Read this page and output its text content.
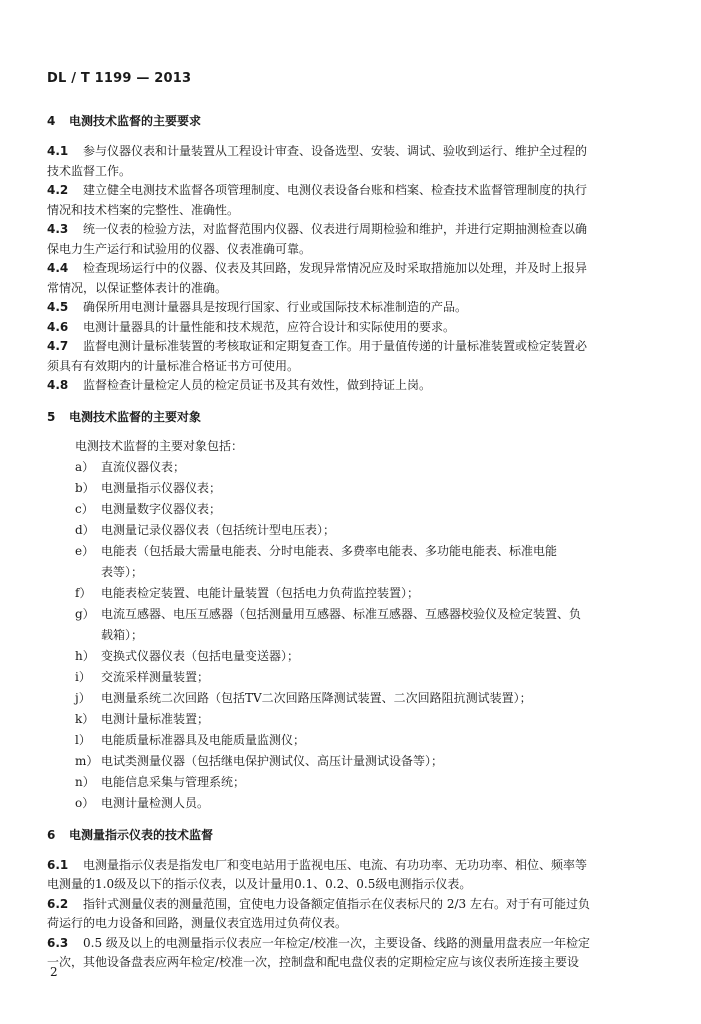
DL / T 1199 — 2013
4 电测技术监督的主要要求
4.1	参与仪器仪表和计量装置从工程设计审查、设备选型、安装、调试、验收到运行、维护全过程的
技术监督工作。
4.2	建立健全电测技术监督各项管理制度、电测仪表设备台账和档案、检查技术监督管理制度的执行
情况和技术档案的完整性、准确性。
4.3	统一仪表的检验方法，对监督范围内仪器、仪表进行周期检验和维护，并进行定期抽测检查以确
保电力生产运行和试验用的仪器、仪表准确可靠。
4.4	检查现场运行中的仪器、仪表及其回路，发现异常情况应及时采取措施加以处理，并及时上报异
常情况，以保证整体表计的准确。
4.5	确保所用电测计量器具是按现行国家、行业或国际技术标准制造的产品。
4.6	电测计量器具的计量性能和技术规范，应符合设计和实际使用的要求。
4.7	监督电测计量标准装置的考核取证和定期复查工作。用于量值传递的计量标准装置或检定装置必
须具有有效期内的计量标准合格证书方可使用。
4.8	监督检查计量检定人员的检定员证书及其有效性，做到持证上岗。
5 电测技术监督的主要对象
电测技术监督的主要对象包括：
a） 直流仪器仪表；
b） 电测量指示仪器仪表；
c） 电测量数字仪器仪表；
d） 电测量记录仪器仪表（包括统计型电压表）；
e） 电能表（包括最大需量电能表、分时电能表、多费率电能表、多功能电能表、标准电能
表等）；
f） 电能表检定装置、电能计量装置（包括电力负荷监控装置）；
g） 电流互感器、电压互感器（包括测量用互感器、标准互感器、互感器校验仪及检定装置、负
载箱）；
h） 变换式仪器仪表（包括电量变送器）；
i） 交流采样测量装置；
j） 电测量系统二次回路（包括TV二次回路压降测试装置、二次回路阻抗测试装置）；
k） 电测计量标准装置；
l） 电能质量标准器具及电能质量监测仪；
m） 电试类测量仪器（包括继电保护测试仪、高压计量测试设备等）；
n） 电能信息采集与管理系统；
o） 电测计量检测人员。
6 电测量指示仪表的技术监督
6.1	电测量指示仪表是指发电厂和变电站用于监视电压、电流、有功功率、无功功率、相位、频率等
电测量的1.0级及以下的指示仪表，以及计量用0.1、0.2、0.5级电测指示仪表。
6.2	指针式测量仪表的测量范围，宜使电力设备额定值指示在仪表标尺的 2/3 左右。对于有可能过负
荷运行的电力设备和回路，测量仪表宜选用过负荷仪表。
6.3	0.5 级及以上的电测量指示仪表应一年检定/校准一次，主要设备、线路的测量用盘表应一年检定
一次，其他设备盘表应两年检定/校准一次，控制盘和配电盘仪表的定期检定应与该仪表所连接主要设
2
